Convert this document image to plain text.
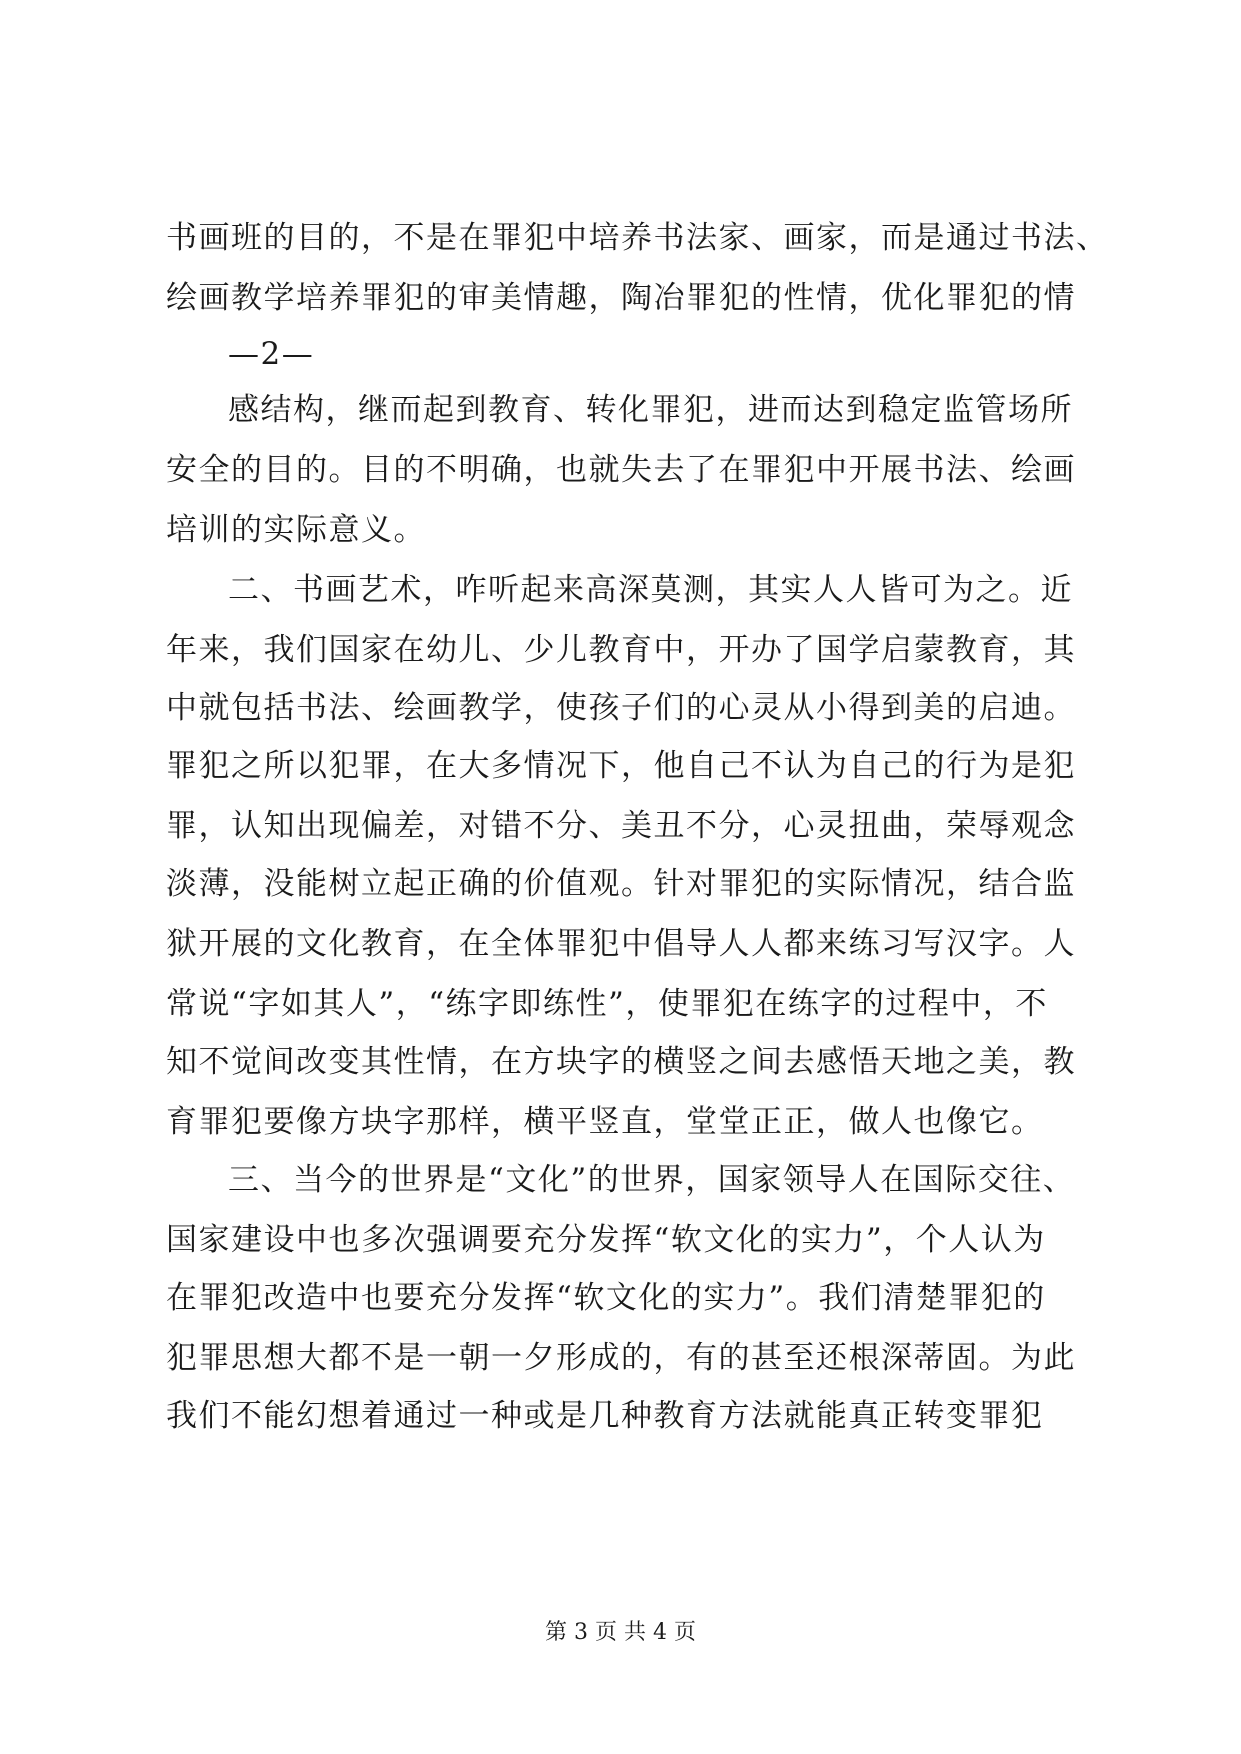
书画班的目的，不是在罪犯中培养书法家、画家，而是通过书法、
绘画教学培养罪犯的审美情趣，陶冶罪犯的性情，优化罪犯的情
—2—
感结构，继而起到教育、转化罪犯，进而达到稳定监管场所
安全的目的。目的不明确，也就失去了在罪犯中开展书法、绘画
培训的实际意义。
二、书画艺术，咋听起来高深莫测，其实人人皆可为之。近
年来，我们国家在幼儿、少儿教育中，开办了国学启蒙教育，其
中就包括书法、绘画教学，使孩子们的心灵从小得到美的启迪。
罪犯之所以犯罪，在大多情况下，他自己不认为自己的行为是犯
罪，认知出现偏差，对错不分、美丑不分，心灵扭曲，荣辱观念
淡薄，没能树立起正确的价值观。针对罪犯的实际情况，结合监
狱开展的文化教育，在全体罪犯中倡导人人都来练习写汉字。人
常说“字如其人”，“练字即练性”，使罪犯在练字的过程中，不
知不觉间改变其性情，在方块字的横竖之间去感悟天地之美，教
育罪犯要像方块字那样，横平竖直，堂堂正正，做人也像它。
三、当今的世界是“文化”的世界，国家领导人在国际交往、
国家建设中也多次强调要充分发挥“软文化的实力”，个人认为
在罪犯改造中也要充分发挥“软文化的实力”。我们清楚罪犯的
犯罪思想大都不是一朝一夕形成的，有的甚至还根深蒂固。为此
我们不能幻想着通过一种或是几种教育方法就能真正转变罪犯
第 3 页 共 4 页
